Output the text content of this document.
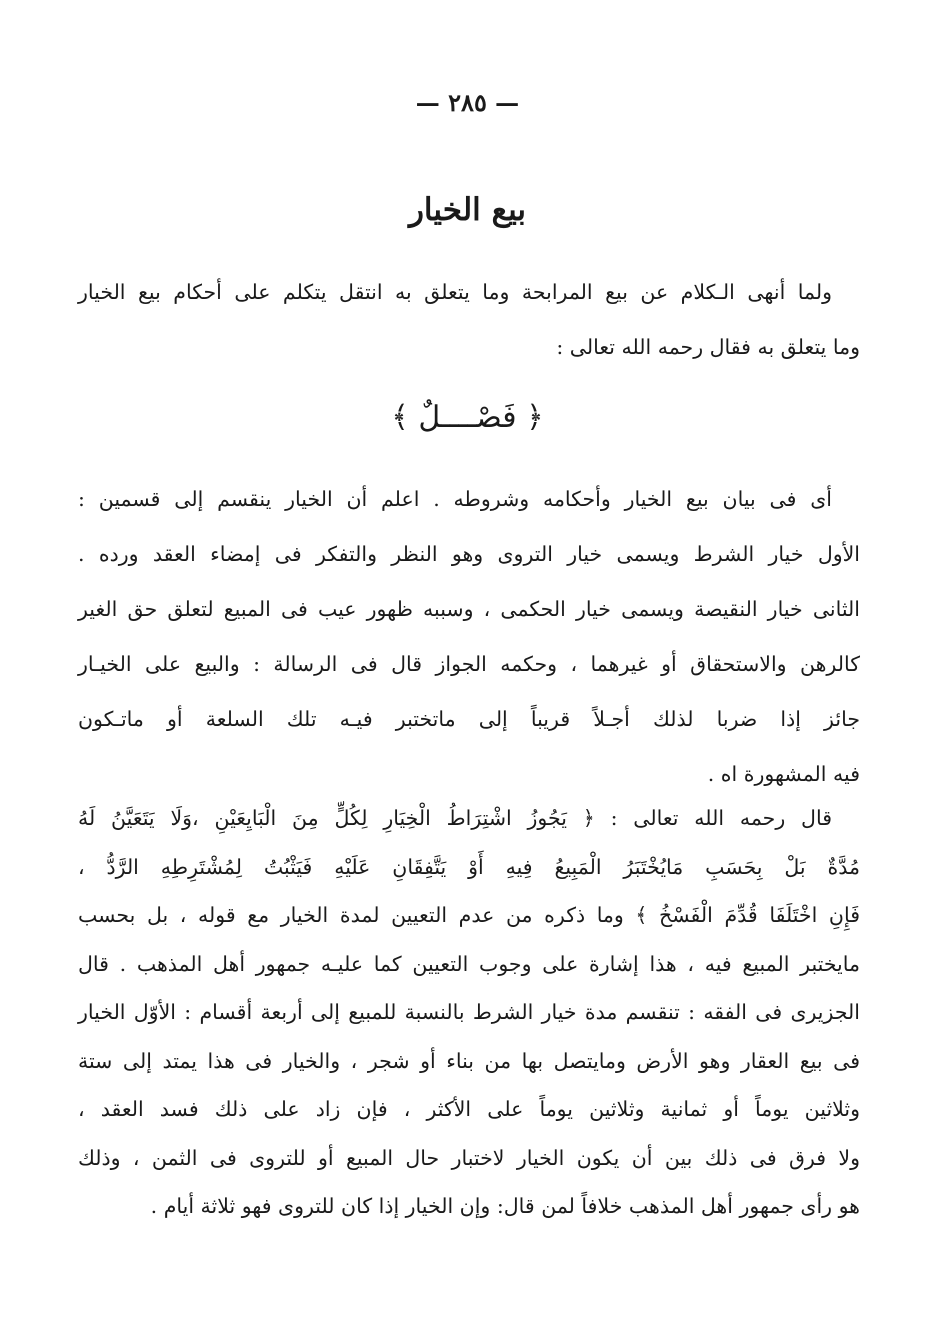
— ٢٨٥ —
بيع الخيار
ولما أنهى الـكلام عن بيع المرابحة وما يتعلق به انتقل يتكلم على أحكام بيع الخيار
وما يتعلق به فقال رحمه الله تعالى :
﴿ فَصْــــلٌ ﴾
أى فى بيان بيع الخيار وأحكامه وشروطه . اعلم أن الخيار ينقسم إلى قسمين :
الأول خيار الشرط ويسمى خيار التروى وهو النظر والتفكر فى إمضاء العقد ورده .
الثانى خيار النقيصة ويسمى خيار الحكمى ، وسببه ظهور عيب فى المبيع لتعلق حق الغير
كالرهن والاستحقاق أو غيرهما ، وحكمه الجواز قال فى الرسالة : والبيع على الخيـار
جائز إذا ضربا لذلك أجـلاً قريباً إلى ماتختبر فيـه تلك السلعة أو ماتـكون
فيه المشهورة اه .
قال رحمه الله تعالى : ﴿ يَجُوزُ اشْتِرَاطُ الْخِيَارِ لِكُلٍّ مِنَ الْبَايِعَيْنِ ،وَلَا يَتَعَيَّنُ لَهُ
مُدَّةٌ بَلْ بِحَسَبِ مَايُخْتَبَرُ الْمَبِيعُ فِيهِ أَوْ يَتَّفِقَانِ عَلَيْهِ فَيَثْبُتُ لِمُشْتَرِطِهِ الرَّدُّ ،
فَإِنِ اخْتَلَفَا قُدِّمَ الْفَسْخُ ﴾ وما ذكره من عدم التعيين لمدة الخيار مع قوله ، بل بحسب
مايختبر المبيع فيه ، هذا إشارة على وجوب التعيين كما عليـه جمهور أهل المذهب . قال
الجزيرى فى الفقه : تنقسم مدة خيار الشرط بالنسبة للمبيع إلى أربعة أقسام : الأوّل الخيار
فى بيع العقار وهو الأرض ومايتصل بها من بناء أو شجر ، والخيار فى هذا يمتد إلى ستة
وثلاثين يوماً أو ثمانية وثلاثين يوماً على الأكثر ، فإن زاد على ذلك فسد العقد ،
ولا فرق فى ذلك بين أن يكون الخيار لاختبار حال المبيع أو للتروى فى الثمن ، وذلك
هو رأى جمهور أهل المذهب خلافاً لمن قال: وإن الخيار إذا كان للتروى فهو ثلاثة أيام .
